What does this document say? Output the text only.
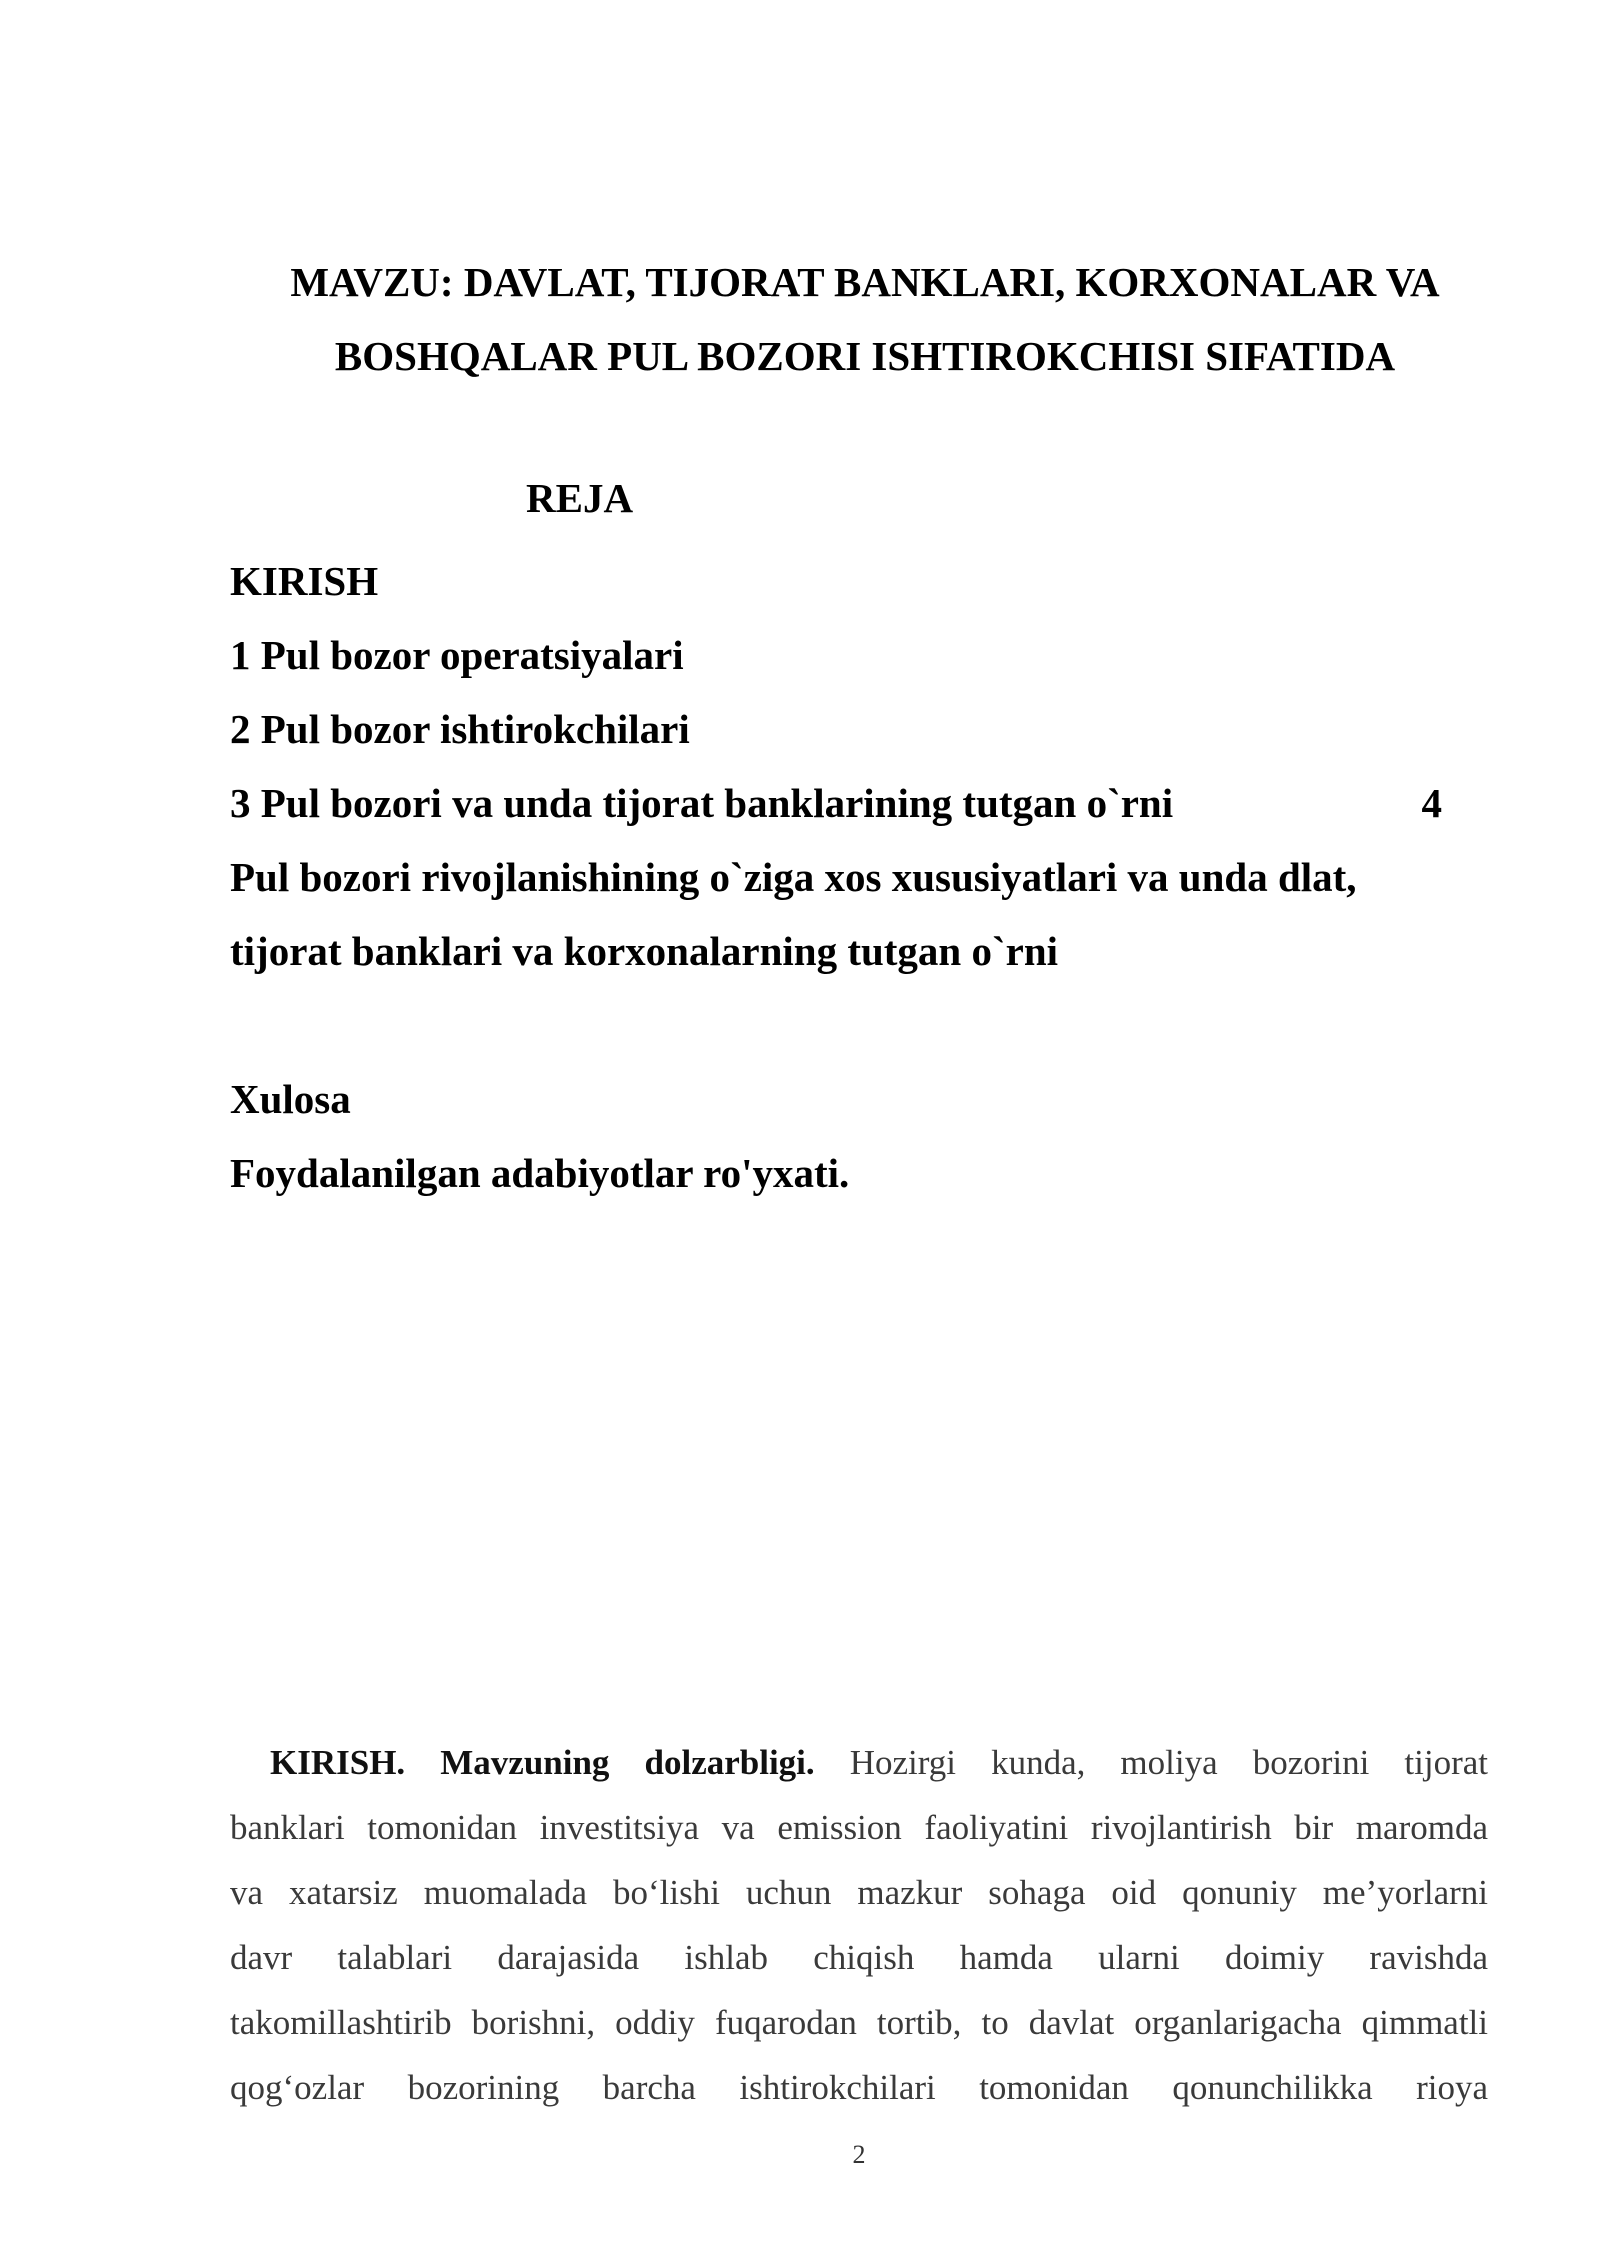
MAVZU: DAVLAT, TIJORAT BANKLARI, KORXONALAR VA
BOSHQALAR PUL BOZORI ISHTIROKCHISI SIFATIDA
REJA
KIRISH
1 Pul bozor operatsiyalari
2 Pul bozor ishtirokchilari
3 Pul bozori va unda tijorat banklarining tutgan o`rni	4
Pul bozori rivojlanishining o`ziga xos xususiyatlari va unda dlat,
tijorat banklari va korxonalarning tutgan o`rni
Xulosa
Foydalanilgan adabiyotlar ro'yxati.
KIRISH. Mavzuning dolzarbligi. Hozirgi kunda, moliya bozorini tijorat
banklari tomonidan investitsiya va emission faoliyatini rivojlantirish bir maromda
va xatarsiz muomalada bo‘lishi uchun mazkur sohaga oid qonuniy me’yorlarni
davr talablari darajasida ishlab chiqish hamda ularni doimiy ravishda
takomillashtirib borishni, oddiy fuqarodan tortib, to davlat organlarigacha qimmatli
qog‘ozlar bozorining barcha ishtirokchilari tomonidan qonunchilikka rioya
2
